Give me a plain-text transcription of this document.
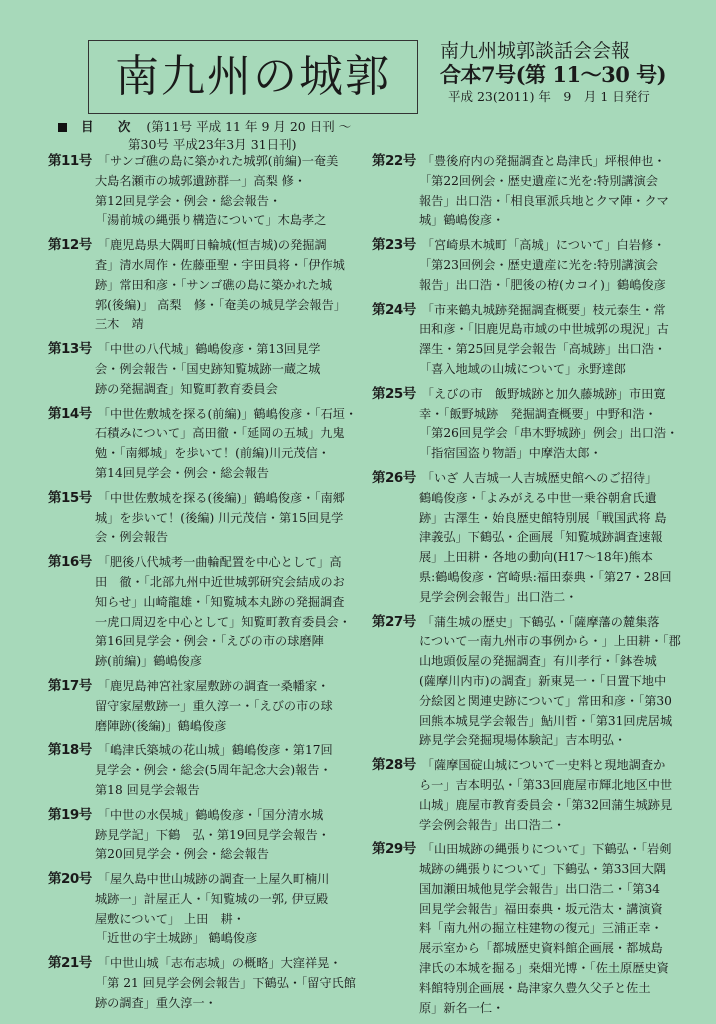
南九州の城郭	南九州城郭談話会会報
合本7号(第 11～30 号)
平成 23(2011) 年　9　月 1 日発行
目 次 (第11号 平成 11 年 9 月 20 日刊 ～
第30号 平成23年3月 31日刊)
第11号 「サンゴ礁の島に築かれた城郭(前編)一奄美
大島名瀬市の城郭遺跡群一」高梨 修・
第12回見学会・例会・総会報告・
「湯前城の縄張り構造について」木島孝之
第12号 「鹿児島県大隅町日輪城(恒吉城)の発掘調
査」清水周作・佐藤亜聖・宇田員将・「伊作城
跡」常田和彦・「サンゴ礁の島に築かれた城
郭(後編)」 高梨　修・「奄美の城見学会報告」
三木　靖
第13号 「中世の八代城」鶴嶋俊彦・第13回見学
会・例会報告・「国史跡知覧城跡一蔵之城
跡の発掘調査」知覧町教育委員会
第14号 「中世佐敷城を探る(前編)」鶴嶋俊彦・「石垣・
石積みについて」高田徹・「延岡の五城」九鬼
勉・「南郷城」を歩いて！(前編)川元茂信・
第14回見学会・例会・総会報告
第15号 「中世佐敷城を探る(後編)」鶴嶋俊彦・「南郷
城」を歩いて！(後編) 川元茂信・第15回見学
会・例会報告
第16号 「肥後八代城考一曲輪配置を中心として」高
田　徹・「北部九州中近世城郭研究会結成のお
知らせ」山崎龍雄・「知覧城本丸跡の発掘調査
一虎口周辺を中心として」知覧町教育委員会・
第16回見学会・例会・「えびの市の球磨陣
跡(前編)」鶴嶋俊彦
第17号 「鹿児島神宮社家屋敷跡の調査一桑幡家・
留守家屋敷跡一」重久淳一・「えびの市の球
磨陣跡(後編)」鶴嶋俊彦
第18号 「嶋津氏築城の花山城」鶴嶋俊彦・第17回
見学会・例会・総会(5周年記念大会)報告・
第18 回見学会報告
第19号 「中世の水俣城」鶴嶋俊彦・「国分清水城
跡見学記」下鶴　弘・第19回見学会報告・
第20回見学会・例会・総会報告
第20号 「屋久島中世山城跡の調査一上屋久町楠川
城跡一」計屋正人・「知覧城の一郭, 伊豆殿
屋敷について」 上田　耕・
「近世の宇土城跡」 鶴嶋俊彦
第21号 「中世山城「志布志城」の概略」大窪祥晃・
「第 21 回見学会例会報告」下鶴弘・「留守氏館
跡の調査」重久淳一・
第22号 「豊後府内の発掘調査と島津氏」坪根伸也・
「第22回例会・歴史遺産に光を:特別講演会
報告」出口浩・「相良軍派兵地とクマ陣・クマ
城」鶴嶋俊彦・
第23号 「宮崎県木城町「高城」について」白岩修・
「第23回例会・歴史遺産に光を:特別講演会
報告」出口浩・「肥後の栫(カコイ)」鶴嶋俊彦
第24号 「市来鶴丸城跡発掘調査概要」枝元泰生・常
田和彦・「旧鹿児島市域の中世城郭の現況」古
澤生・第25回見学会報告「高城跡」出口浩・
「喜入地域の山城について」永野達郎
第25号 「えびの市　飯野城跡と加久藤城跡」市田寛
幸・「飯野城跡　発掘調査概要」中野和浩・
「第26回見学会「串木野城跡」例会」出口浩・
「指宿国盗り物語」中摩浩太郎・
第26号 「いざ 人吉城一人吉城歴史館へのご招待」
鶴嶋俊彦・「よみがえる中世一乗谷朝倉氏遺
跡」古澤生・始良歴史館特別展「戦国武将 島
津義弘」下鶴弘・企画展「知覧城跡調査速報
展」上田耕・各地の動向(H17～18年)熊本
県:鶴嶋俊彦・宮崎県:福田泰典・「第27・28回
見学会例会報告」出口浩二・
第27号 「蒲生城の歴史」下鶴弘・「薩摩藩の麓集落
について一南九州市の事例から・」上田耕・「郡
山地頭仮屋の発掘調査」有川孝行・「鉢巻城
(薩摩川内市)の調査」新東晃一・「日置下地中
分絵図と関連史跡について」常田和彦・「第30
回熊本城見学会報告」鮎川哲・「第31回虎居城
跡見学会発掘現場体験記」吉本明弘・
第28号 「薩摩国碇山城について一史料と現地調査か
ら一」吉本明弘・「第33回鹿屋市輝北地区中世
山城」鹿屋市教育委員会・「第32回蒲生城跡見
学会例会報告」出口浩二・
第29号 「山田城跡の縄張りについて」下鶴弘・「岩剣
城跡の縄張りについて」下鶴弘・第33回大隅
国加瀬田城他見学会報告」出口浩二・「第34
回見学会報告」福田泰典・坂元浩太・講演資
料「南九州の掘立柱建物の復元」三浦正幸・
展示室から「都城歴史資料館企画展・都城島
津氏の本城を掘る」桒畑光博・「佐土原歴史資
料館特別企画展・島津家久豊久父子と佐土
原」新名一仁・
